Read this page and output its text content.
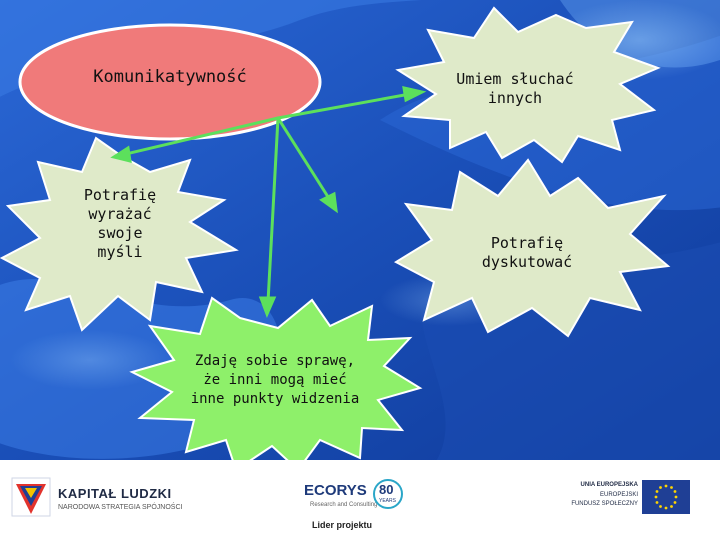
Komunikatywność	Umiem słuchać
innych
Potrafię
wyrażać
swoje
myśli	Potrafię
dyskutować
Zdaję sobie sprawę,
że inni mogą mieć
inne punkty widzenia
KAPITAŁ LUDZKI
NARODOWA STRATEGIA SPÓJNOŚCI
ECORYS
Research and Consulting
80
YEARS
Lider projektu
UNIA EUROPEJSKA
EUROPEJSKI
FUNDUSZ SPOŁECZNY
